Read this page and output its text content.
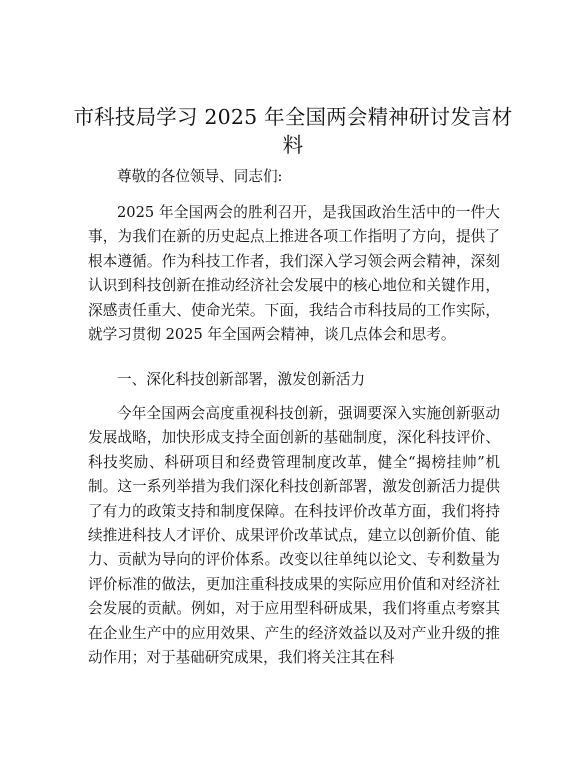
市科技局学习 2025 年全国两会精神研讨发言材料
尊敬的各位领导、同志们:
2025 年全国两会的胜利召开，是我国政治生活中的一件大事，为我们在新的历史起点上推进各项工作指明了方向，提供了根本遵循。作为科技工作者，我们深入学习领会两会精神，深刻认识到科技创新在推动经济社会发展中的核心地位和关键作用，深感责任重大、使命光荣。下面，我结合市科技局的工作实际，就学习贯彻 2025 年全国两会精神，谈几点体会和思考。
一、深化科技创新部署，激发创新活力
今年全国两会高度重视科技创新，强调要深入实施创新驱动发展战略，加快形成支持全面创新的基础制度，深化科技评价、科技奖励、科研项目和经费管理制度改革，健全“揭榜挂帅”机制。这一系列举措为我们深化科技创新部署，激发创新活力提供了有力的政策支持和制度保障。在科技评价改革方面，我们将持续推进科技人才评价、成果评价改革试点，建立以创新价值、能力、贡献为导向的评价体系。改变以往单纯以论文、专利数量为评价标准的做法，更加注重科技成果的实际应用价值和对经济社会发展的贡献。例如，对于应用型科研成果，我们将重点考察其在企业生产中的应用效果、产生的经济效益以及对产业升级的推动作用；对于基础研究成果，我们将关注其在科
